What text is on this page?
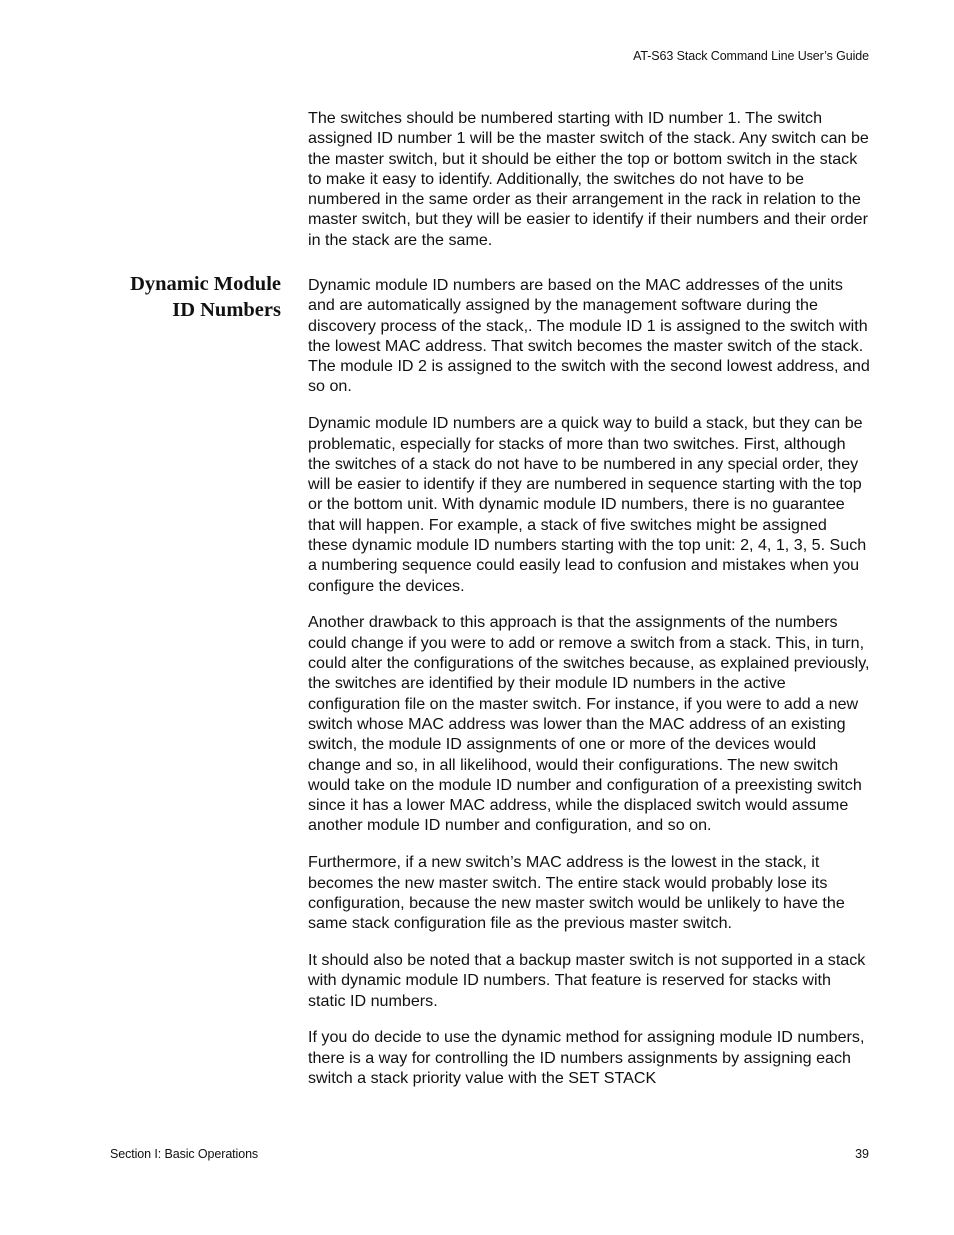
AT-S63 Stack Command Line User’s Guide

The switches should be numbered starting with ID number 1. The switch assigned ID number 1 will be the master switch of the stack. Any switch can be the master switch, but it should be either the top or bottom switch in the stack to make it easy to identify. Additionally, the switches do not have to be numbered in the same order as their arrangement in the rack in relation to the master switch, but they will be easier to identify if their numbers and their order in the stack are the same.

Dynamic Module
ID Numbers

Dynamic module ID numbers are based on the MAC addresses of the units and are automatically assigned by the management software during the discovery process of the stack,. The module ID 1 is assigned to the switch with the lowest MAC address. That switch becomes the master switch of the stack. The module ID 2 is assigned to the switch with the second lowest address, and so on.

Dynamic module ID numbers are a quick way to build a stack, but they can be problematic, especially for stacks of more than two switches. First, although the switches of a stack do not have to be numbered in any special order, they will be easier to identify if they are numbered in sequence starting with the top or the bottom unit. With dynamic module ID numbers, there is no guarantee that will happen. For example, a stack of five switches might be assigned these dynamic module ID numbers starting with the top unit: 2, 4, 1, 3, 5. Such a numbering sequence could easily lead to confusion and mistakes when you configure the devices.

Another drawback to this approach is that the assignments of the numbers could change if you were to add or remove a switch from a stack. This, in turn, could alter the configurations of the switches because, as explained previously, the switches are identified by their module ID numbers in the active configuration file on the master switch. For instance, if you were to add a new switch whose MAC address was lower than the MAC address of an existing switch, the module ID assignments of one or more of the devices would change and so, in all likelihood, would their configurations. The new switch would take on the module ID number and configuration of a preexisting switch since it has a lower MAC address, while the displaced switch would assume another module ID number and configuration, and so on.

Furthermore, if a new switch’s MAC address is the lowest in the stack, it becomes the new master switch. The entire stack would probably lose its configuration, because the new master switch would be unlikely to have the same stack configuration file as the previous master switch.

It should also be noted that a backup master switch is not supported in a stack with dynamic module ID numbers. That feature is reserved for stacks with static ID numbers.

If you do decide to use the dynamic method for assigning module ID numbers, there is a way for controlling the ID numbers assignments by assigning each switch a stack priority value with the SET STACK

Section I: Basic Operations	39
